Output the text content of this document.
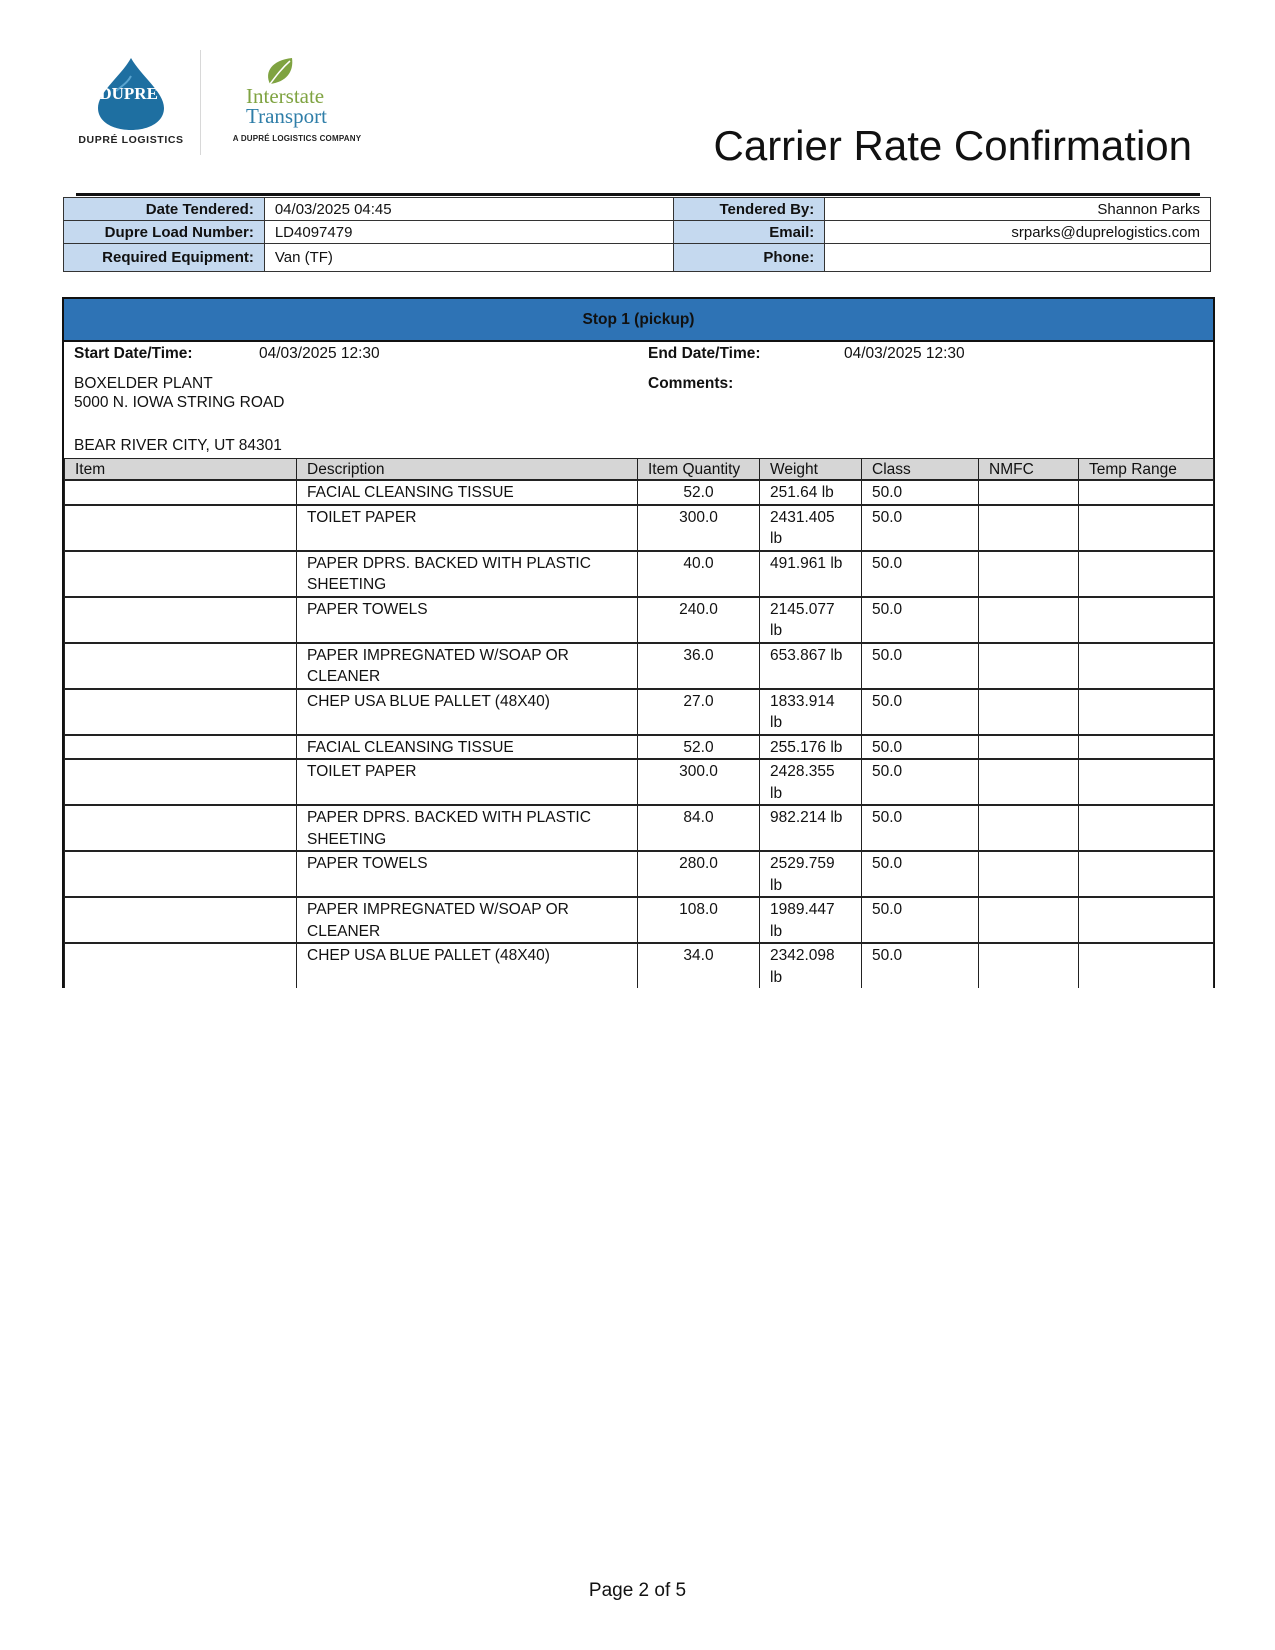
DUPRE'
DUPRÉ LOGISTICS
Interstate
Transport
A DUPRÉ LOGISTICS COMPANY	Carrier Rate Confirmation
Date Tendered:	04/03/2025 04:45	Tendered By:	Shannon Parks
Dupre Load Number:	LD4097479	Email:	srparks@duprelogistics.com
Required Equipment:	Van (TF)	Phone:	
Stop 1 (pickup)
Start Date/Time:	04/03/2025 12:30	End Date/Time:	04/03/2025 12:30
BOXELDER PLANT
5000 N. IOWA STRING ROAD
Comments:
BEAR RIVER CITY, UT 84301
Item	Description	Item Quantity	Weight	Class	NMFC	Temp Range
	FACIAL CLEANSING TISSUE	52.0	251.64 lb	50.0		
	TOILET PAPER	300.0	2431.405 lb	50.0		
	PAPER DPRS. BACKED WITH PLASTIC SHEETING	40.0	491.961 lb	50.0		
	PAPER TOWELS	240.0	2145.077 lb	50.0		
	PAPER IMPREGNATED W/SOAP OR CLEANER	36.0	653.867 lb	50.0		
	CHEP USA BLUE PALLET (48X40)	27.0	1833.914 lb	50.0		
	FACIAL CLEANSING TISSUE	52.0	255.176 lb	50.0		
	TOILET PAPER	300.0	2428.355 lb	50.0		
	PAPER DPRS. BACKED WITH PLASTIC SHEETING	84.0	982.214 lb	50.0		
	PAPER TOWELS	280.0	2529.759 lb	50.0		
	PAPER IMPREGNATED W/SOAP OR CLEANER	108.0	1989.447 lb	50.0		
	CHEP USA BLUE PALLET (48X40)	34.0	2342.098 lb	50.0		
Page 2 of 5
